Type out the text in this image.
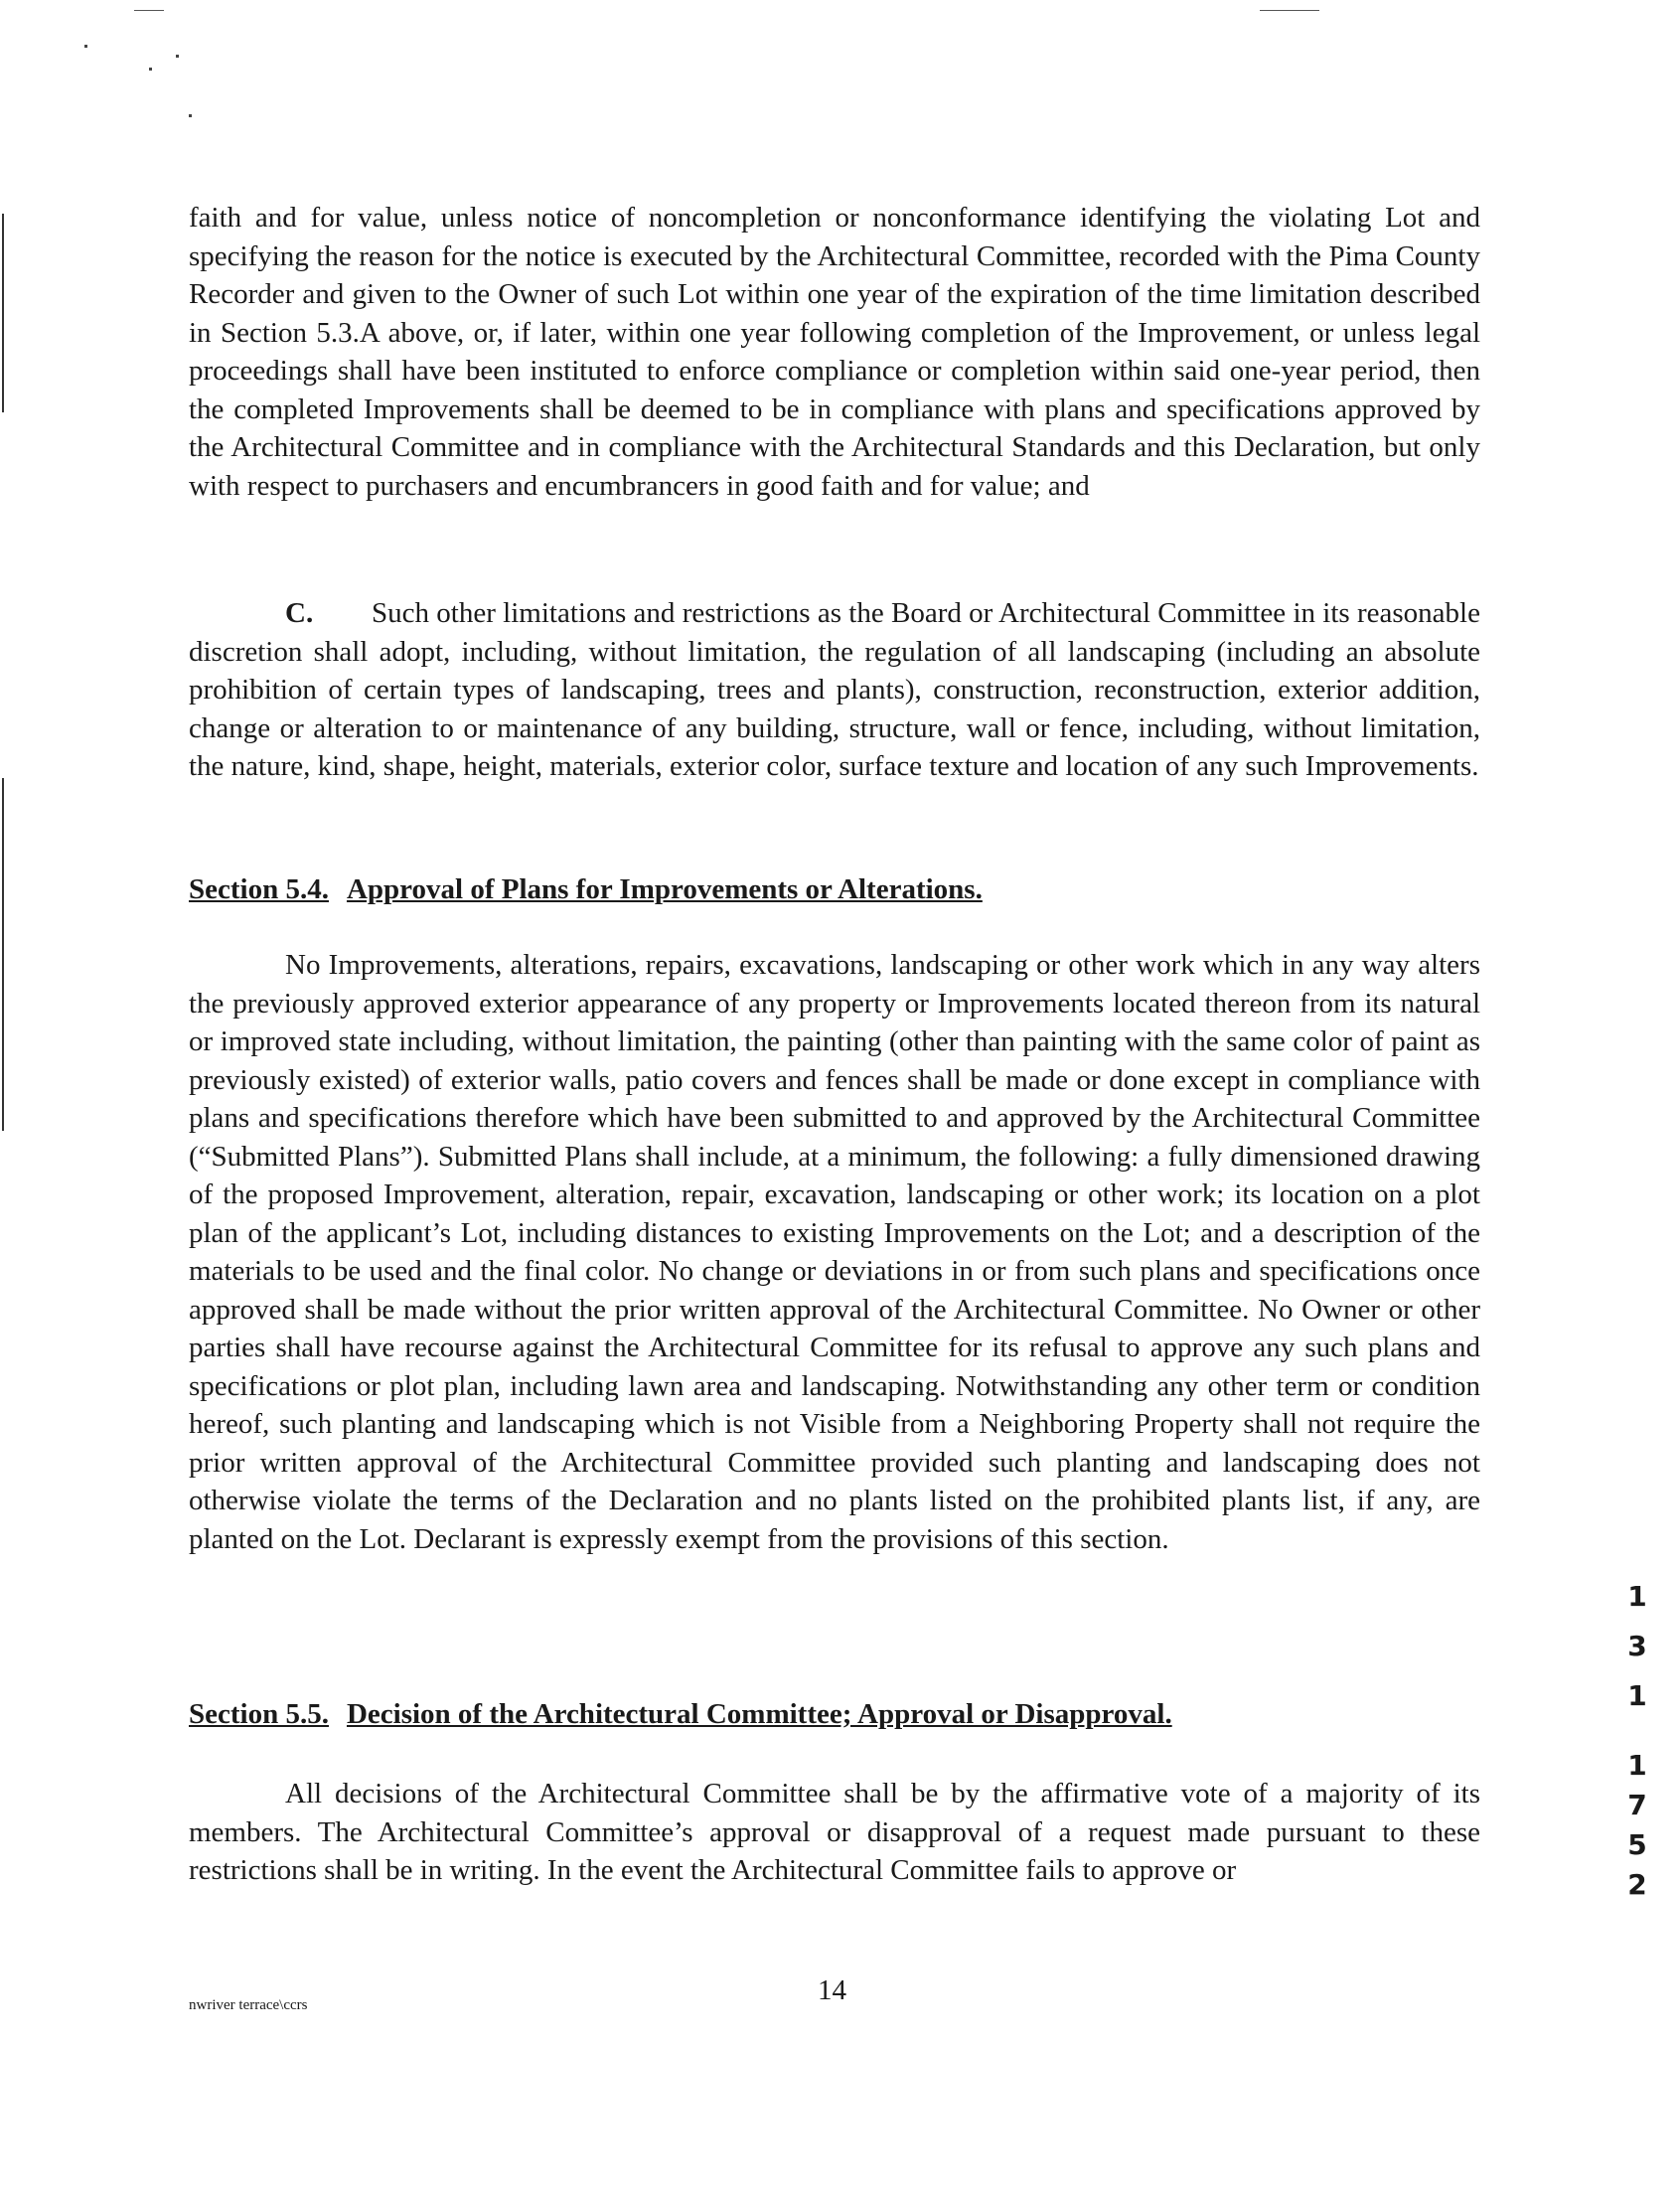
faith and for value, unless notice of noncompletion or nonconformance identifying the violating Lot and specifying the reason for the notice is executed by the Architectural Committee, recorded with the Pima County Recorder and given to the Owner of such Lot within one year of the expiration of the time limitation described in Section 5.3.A above, or, if later, within one year following completion of the Improvement, or unless legal proceedings shall have been instituted to enforce compliance or completion within said one-year period, then the completed Improvements shall be deemed to be in compliance with plans and specifications approved by the Architectural Committee and in compliance with the Architectural Standards and this Declaration, but only with respect to purchasers and encumbrancers in good faith and for value; and

C. Such other limitations and restrictions as the Board or Architectural Committee in its reasonable discretion shall adopt, including, without limitation, the regulation of all landscaping (including an absolute prohibition of certain types of landscaping, trees and plants), construction, reconstruction, exterior addition, change or alteration to or maintenance of any building, structure, wall or fence, including, without limitation, the nature, kind, shape, height, materials, exterior color, surface texture and location of any such Improvements.

Section 5.4. Approval of Plans for Improvements or Alterations.

No Improvements, alterations, repairs, excavations, landscaping or other work which in any way alters the previously approved exterior appearance of any property or Improvements located thereon from its natural or improved state including, without limitation, the painting (other than painting with the same color of paint as previously existed) of exterior walls, patio covers and fences shall be made or done except in compliance with plans and specifications therefore which have been submitted to and approved by the Architectural Committee (“Submitted Plans”). Submitted Plans shall include, at a minimum, the following: a fully dimensioned drawing of the proposed Improvement, alteration, repair, excavation, landscaping or other work; its location on a plot plan of the applicant’s Lot, including distances to existing Improvements on the Lot; and a description of the materials to be used and the final color. No change or deviations in or from such plans and specifications once approved shall be made without the prior written approval of the Architectural Committee. No Owner or other parties shall have recourse against the Architectural Committee for its refusal to approve any such plans and specifications or plot plan, including lawn area and landscaping. Notwithstanding any other term or condition hereof, such planting and landscaping which is not Visible from a Neighboring Property shall not require the prior written approval of the Architectural Committee provided such planting and landscaping does not otherwise violate the terms of the Declaration and no plants listed on the prohibited plants list, if any, are planted on the Lot. Declarant is expressly exempt from the provisions of this section.

Section 5.5. Decision of the Architectural Committee; Approval or Disapproval.

All decisions of the Architectural Committee shall be by the affirmative vote of a majority of its members. The Architectural Committee’s approval or disapproval of a request made pursuant to these restrictions shall be in writing. In the event the Architectural Committee fails to approve or

14
nwriver terrace\ccrs
1
3
1
1
7
5
2
